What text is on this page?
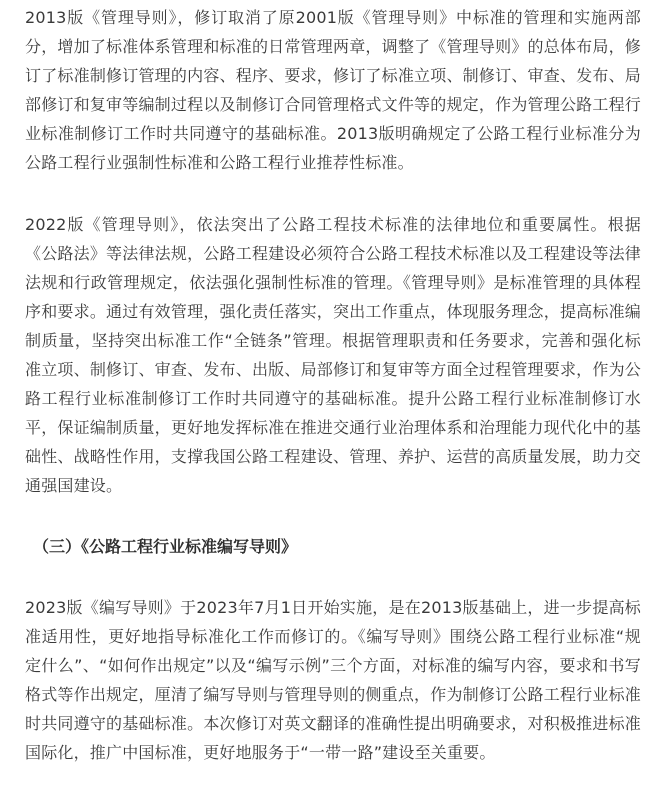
2013版《管理导则》，修订取消了原2001版《管理导则》中标准的管理和实施两部分，增加了标准体系管理和标准的日常管理两章，调整了《管理导则》的总体布局，修订了标准制修订管理的内容、程序、要求，修订了标准立项、制修订、审查、发布、局部修订和复审等编制过程以及制修订合同管理格式文件等的规定，作为管理公路工程行业标准制修订工作时共同遵守的基础标准。2013版明确规定了公路工程行业标准分为公路工程行业强制性标准和公路工程行业推荐性标准。

2022版《管理导则》，依法突出了公路工程技术标准的法律地位和重要属性。根据《公路法》等法律法规，公路工程建设必须符合公路工程技术标准以及工程建设等法律法规和行政管理规定，依法强化强制性标准的管理。《管理导则》是标准管理的具体程序和要求。通过有效管理，强化责任落实，突出工作重点，体现服务理念，提高标准编制质量，坚持突出标准工作“全链条”管理。根据管理职责和任务要求，完善和强化标准立项、制修订、审查、发布、出版、局部修订和复审等方面全过程管理要求，作为公路工程行业标准制修订工作时共同遵守的基础标准。提升公路工程行业标准制修订水平，保证编制质量，更好地发挥标准在推进交通行业治理体系和治理能力现代化中的基础性、战略性作用，支撑我国公路工程建设、管理、养护、运营的高质量发展，助力交通强国建设。

（三）《公路工程行业标准编写导则》

2023版《编写导则》于2023年7月1日开始实施，是在2013版基础上，进一步提高标准适用性，更好地指导标准化工作而修订的。《编写导则》围绕公路工程行业标准“规定什么”、“如何作出规定”以及“编写示例”三个方面，对标准的编写内容，要求和书写格式等作出规定，厘清了编写导则与管理导则的侧重点，作为制修订公路工程行业标准时共同遵守的基础标准。本次修订对英文翻译的准确性提出明确要求，对积极推进标准国际化，推广中国标准，更好地服务于“一带一路”建设至关重要。
